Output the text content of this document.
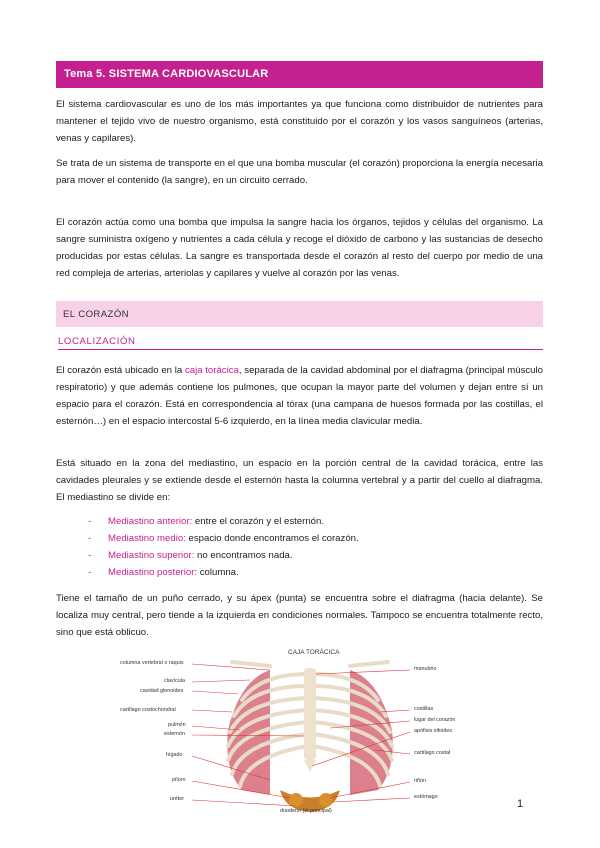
Tema 5. SISTEMA CARDIOVASCULAR

El sistema cardiovascular es uno de los más importantes ya que funciona como distribuidor de nutrientes para mantener el tejido vivo de nuestro organismo, está constituido por el corazón y los vasos sanguíneos (arterias, venas y capilares).

Se trata de un sistema de transporte en el que una bomba muscular (el corazón) proporciona la energía necesaria para mover el contenido (la sangre), en un circuito cerrado.

El corazón actúa como una bomba que impulsa la sangre hacia los órganos, tejidos y células del organismo. La sangre suministra oxígeno y nutrientes a cada célula y recoge el dióxido de carbono y las sustancias de desecho producidas por estas células. La sangre es transportada desde el corazón al resto del cuerpo por medio de una red compleja de arterias, arteriolas y capilares y vuelve al corazón por las venas.

EL CORAZÓN
LOCALIZACIÓN

El corazón está ubicado en la caja torácica, separada de la cavidad abdominal por el diafragma (principal músculo respiratorio) y que además contiene los pulmones, que ocupan la mayor parte del volumen y dejan entre sí un espacio para el corazón. Está en correspondencia al tórax (una campana de huesos formada por las costillas, el esternón…) en el espacio intercostal 5-6 izquierdo, en la línea media clavicular media.

Está situado en la zona del mediastino, un espacio en la porción central de la cavidad torácica, entre las cavidades pleurales y se extiende desde el esternón hasta la columna vertebral y a partir del cuello al diafragma. El mediastino se divide en:

- Mediastino anterior: entre el corazón y el esternón.
- Mediastino medio: espacio donde encontramos el corazón.
- Mediastino superior: no encontramos nada.
- Mediastino posterior: columna.

Tiene el tamaño de un puño cerrado, y su ápex (punta) se encuentra sobre el diafragma (hacia delante). Se localiza muy central, pero tiende a la izquierda en condiciones normales. Tampoco se encuentra totalmente recto, sino que está oblicuo.

CAJA TORÁCICA
columna vertebral o raquis
clavícula
cavidad glenoides
cartílago costochondral
pulmón
esternón
hígado
píloro
uréter
manubrio
costillas
lugar del corazón
apófisis xifoides
cartílago costal
riñón
estómago
duodeno (el principal)
1
